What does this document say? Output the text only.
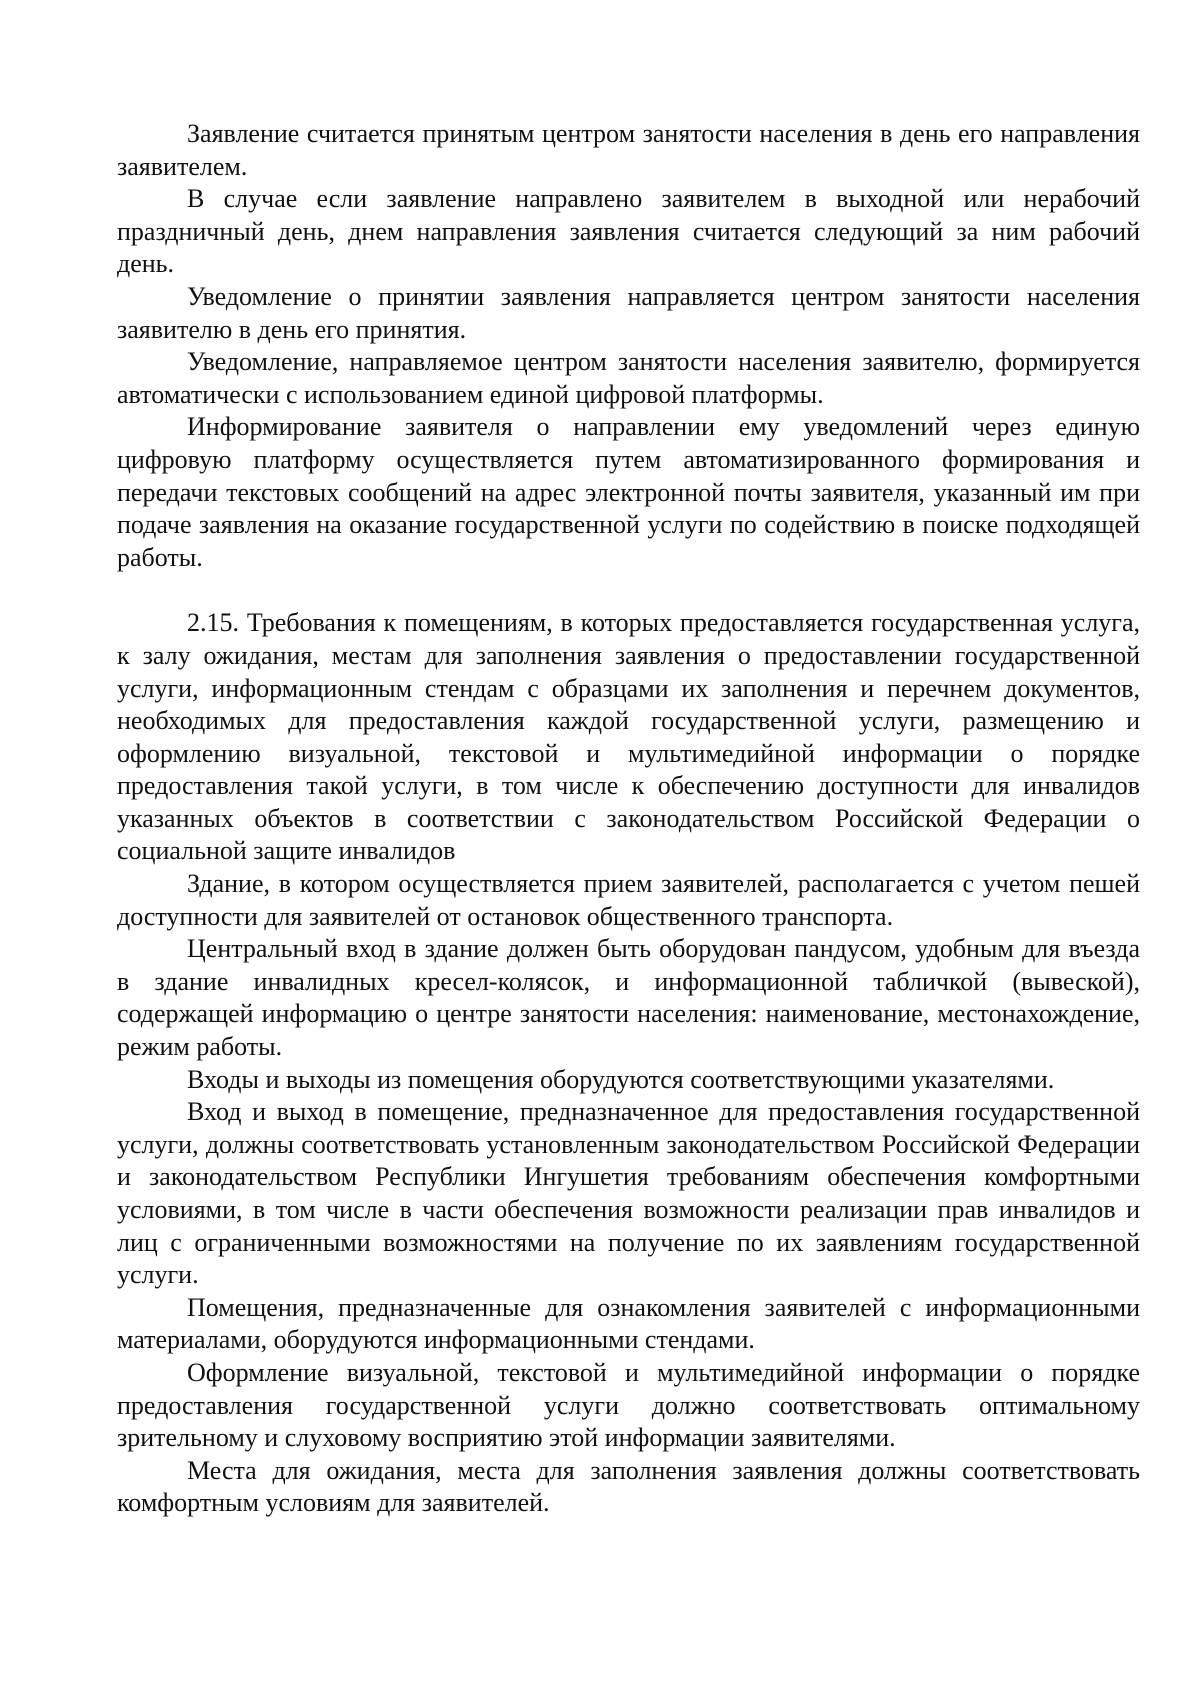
Заявление считается принятым центром занятости населения в день его направления заявителем.

В случае если заявление направлено заявителем в выходной или нерабочий праздничный день, днем направления заявления считается следующий за ним рабочий день.

Уведомление о принятии заявления направляется центром занятости населения заявителю в день его принятия.

Уведомление, направляемое центром занятости населения заявителю, формируется автоматически с использованием единой цифровой платформы.

Информирование заявителя о направлении ему уведомлений через единую цифровую платформу осуществляется путем автоматизированного формирования и передачи текстовых сообщений на адрес электронной почты заявителя, указанный им при подаче заявления на оказание государственной услуги по содействию в поиске подходящей работы.

2.15. Требования к помещениям, в которых предоставляется государственная услуга, к залу ожидания, местам для заполнения заявления о предоставлении государственной услуги, информационным стендам с образцами их заполнения и перечнем документов, необходимых для предоставления каждой государственной услуги, размещению и оформлению визуальной, текстовой и мультимедийной информации о порядке предоставления такой услуги, в том числе к обеспечению доступности для инвалидов указанных объектов в соответствии с законодательством Российской Федерации о социальной защите инвалидов

Здание, в котором осуществляется прием заявителей, располагается с учетом пешей доступности для заявителей от остановок общественного транспорта.

Центральный вход в здание должен быть оборудован пандусом, удобным для въезда в здание инвалидных кресел-колясок, и информационной табличкой (вывеской), содержащей информацию о центре занятости населения: наименование, местонахождение, режим работы.

Входы и выходы из помещения оборудуются соответствующими указателями.

Вход и выход в помещение, предназначенное для предоставления государственной услуги, должны соответствовать установленным законодательством Российской Федерации и законодательством Республики Ингушетия требованиям обеспечения комфортными условиями, в том числе в части обеспечения возможности реализации прав инвалидов и лиц с ограниченными возможностями на получение по их заявлениям государственной услуги.

Помещения, предназначенные для ознакомления заявителей с информационными материалами, оборудуются информационными стендами.

Оформление визуальной, текстовой и мультимедийной информации о порядке предоставления государственной услуги должно соответствовать оптимальному зрительному и слуховому восприятию этой информации заявителями.

Места для ожидания, места для заполнения заявления должны соответствовать комфортным условиям для заявителей.
